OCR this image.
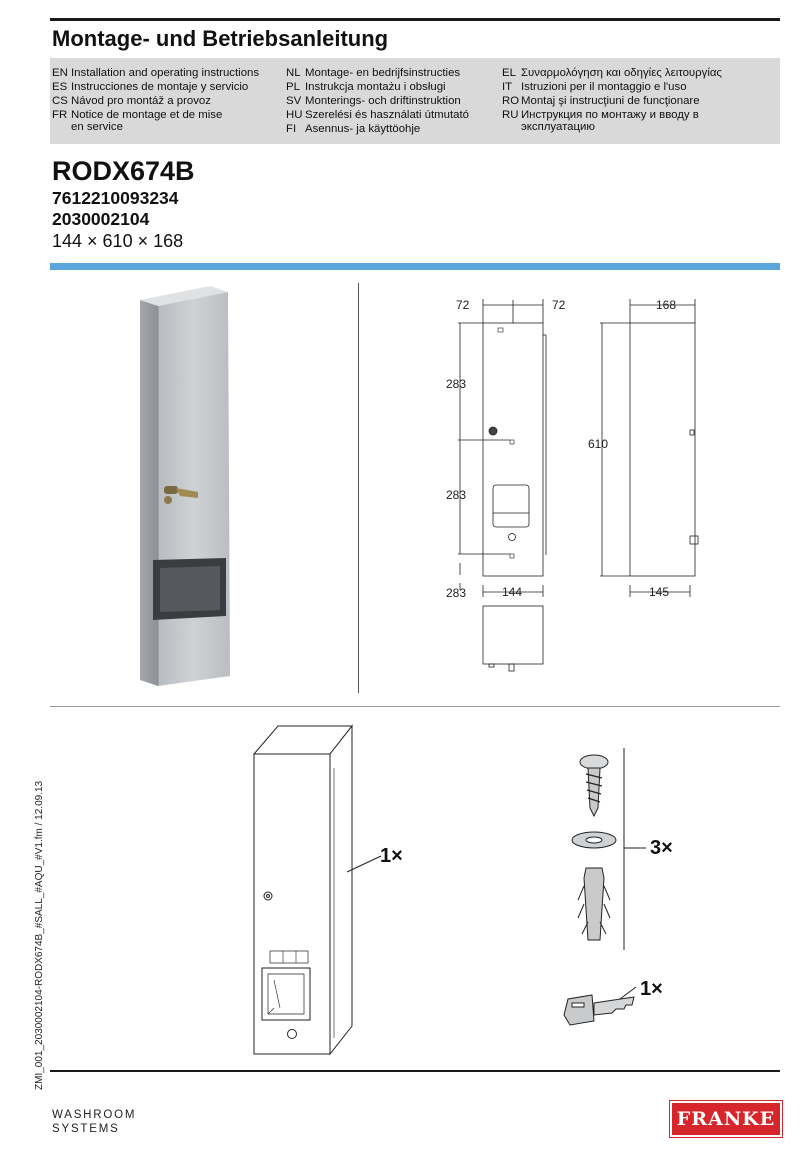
Montage- und Betriebsanleitung
EN Installation and operating instructions
ES Instrucciones de montaje y servicio
CS Návod pro montáž a provoz
FR Notice de montage et de mise
en service
NL Montage- en bedrijfsinstructies
PL Instrukcja montażu i obsługi
SV Monterings- och driftinstruktion
HU Szerelési és használati útmutató
FI Asennus- ja käyttöohje
EL Συναρμολόγηση και οδηγίες λειτουργίας
IT Istruzioni per il montaggio e l'uso
RO Montaj şi instrucţiuni de funcţionare
RU Инструкция по монтажу и вводу в
эксплуатацию
RODX674B
7612210093234
2030002104
144 × 610 × 168
72	72
283
283
283	144
610
168
145
1×	3×
1×
ZMI_001_2030002104-RODX674B_#SALL_#AQU_#V1.fm / 12.09.13
WASHROOM
SYSTEMS	FRANKE
